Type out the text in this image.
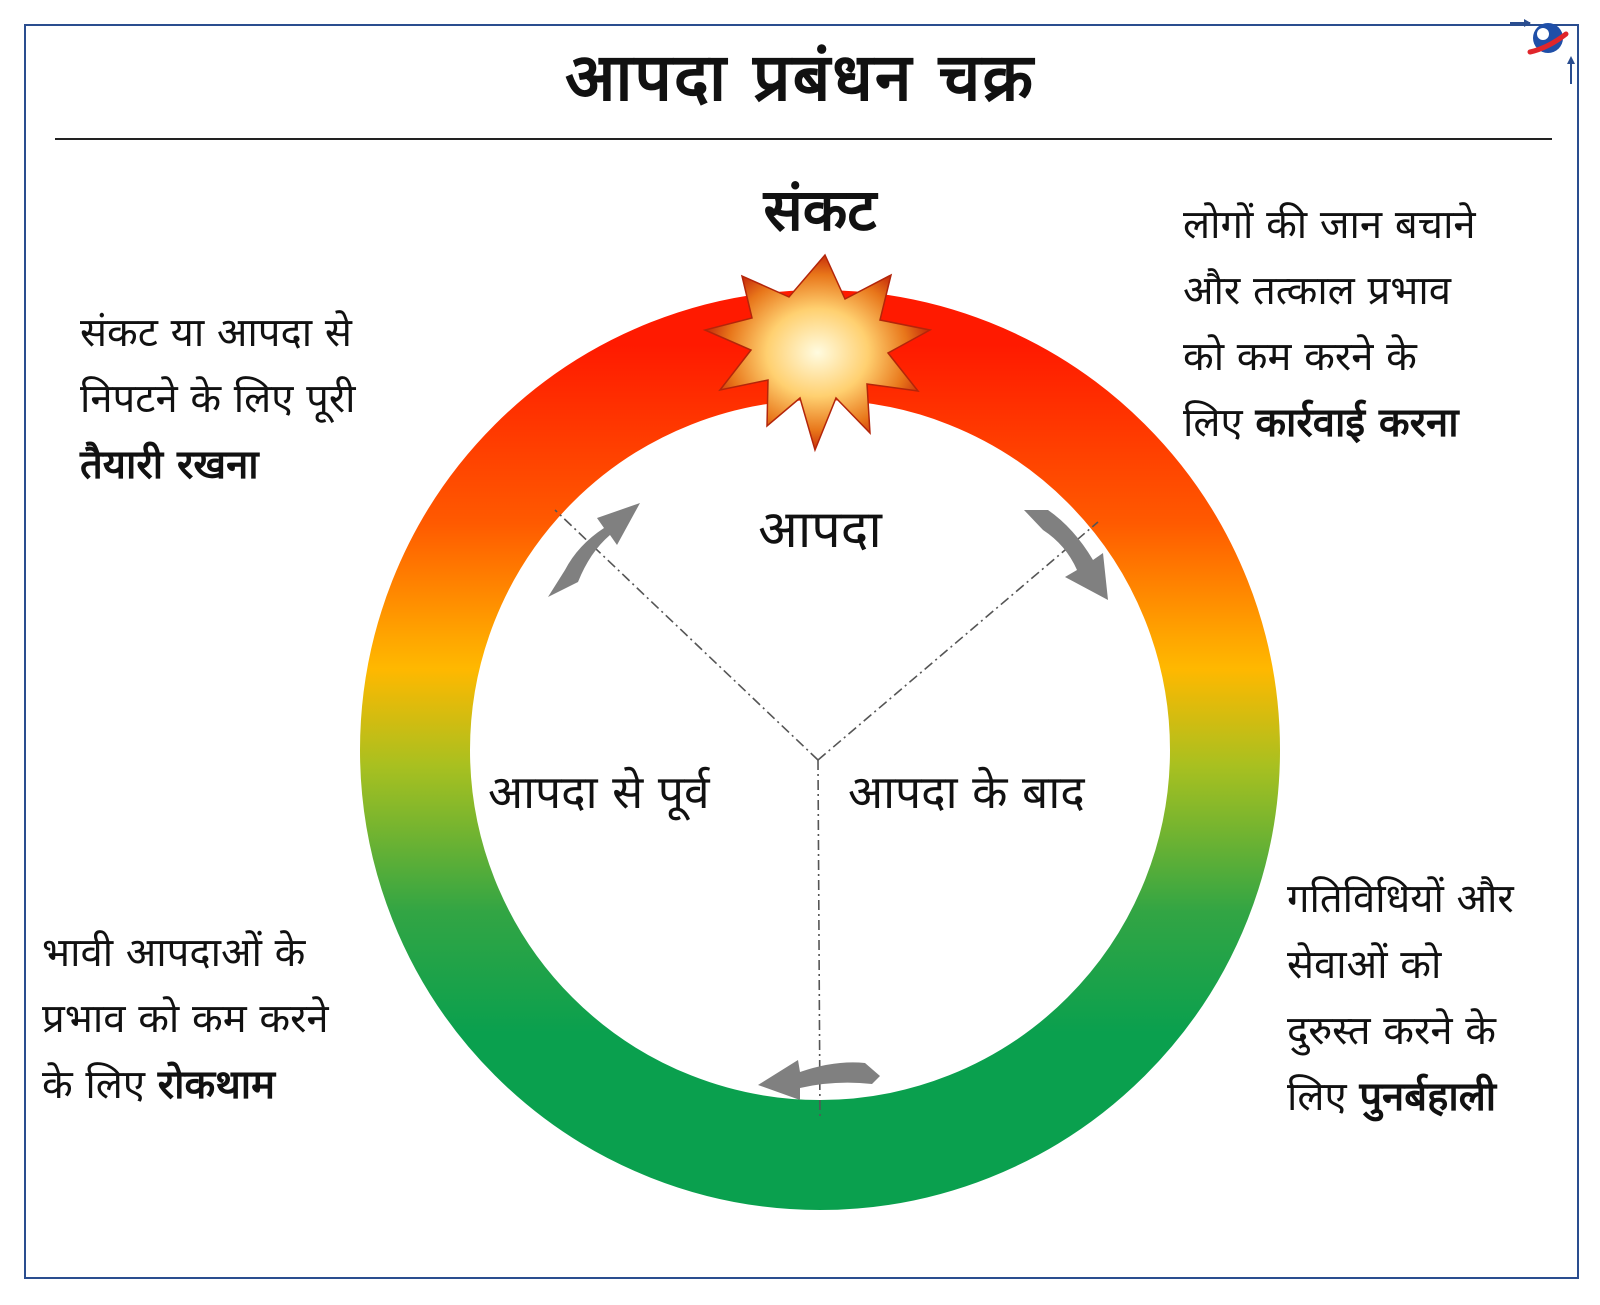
आपदा प्रबंधन चक्र
संकट
आपदा
आपदा से पूर्व	आपदा के बाद
संकट या आपदा से
निपटने के लिए पूरी
तैयारी रखना
लोगों की जान बचाने
और तत्काल प्रभाव
को कम करने के
लिए कार्रवाई करना
भावी आपदाओं के
प्रभाव को कम करने
के लिए रोकथाम
गतिविधियों और
सेवाओं को
दुरुस्त करने के
लिए पुनर्बहाली
